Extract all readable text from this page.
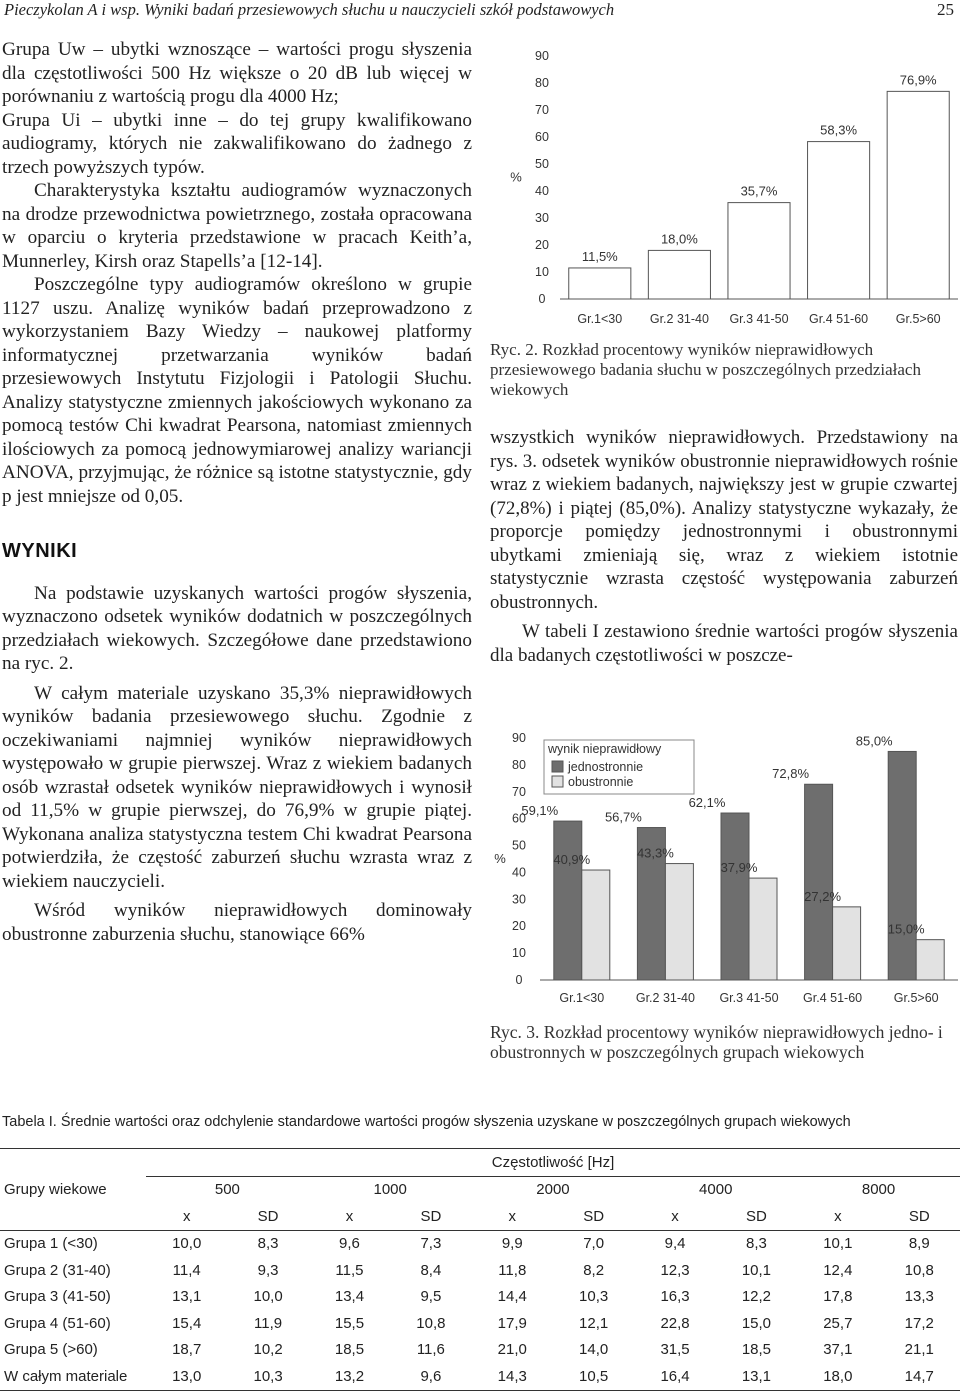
Pieczykolan A i wsp. Wyniki badań przesiewowych słuchu u nauczycieli szkół podstawowych	25

Grupa Uw – ubytki wznoszące – wartości progu słyszenia dla częstotliwości 500 Hz większe o 20 dB lub więcej w porównaniu z wartością progu dla 4000 Hz;

Grupa Ui – ubytki inne – do tej grupy kwalifikowano audiogramy, których nie zakwalifikowano do żadnego z trzech powyższych typów.

Charakterystyka kształtu audiogramów wyznaczonych na drodze przewodnictwa powietrznego, została opracowana w oparciu o kryteria przedstawione w pracach Keith’a, Munnerley, Kirsh oraz Stapells’a [12-14].

Poszczególne typy audiogramów określono w grupie 1127 uszu. Analizę wyników badań przeprowadzono z wykorzystaniem Bazy Wiedzy – naukowej platformy informatycznej przetwarzania wyników badań przesiewowych Instytutu Fizjologii i Patologii Słuchu. Analizy statystyczne zmiennych jakościowych wykonano za pomocą testów Chi kwadrat Pearsona, natomiast zmiennych ilościowych za pomocą jednowymiarowej analizy wariancji ANOVA, przyjmując, że różnice są istotne statystycznie, gdy p jest mniejsze od 0,05.

WYNIKI

Na podstawie uzyskanych wartości progów słyszenia, wyznaczono odsetek wyników dodatnich w poszczególnych przedziałach wiekowych. Szczegółowe dane przedstawiono na ryc. 2.

W całym materiale uzyskano 35,3% nieprawidłowych wyników badania przesiewowego słuchu. Zgodnie z oczekiwaniami najmniej wyników nieprawidłowych występowało w grupie pierwszej. Wraz z wiekiem badanych osób wzrastał odsetek wyników nieprawidłowych i wynosił od 11,5% w grupie pierwszej, do 76,9% w grupie piątej. Wykonana analiza statystyczna testem Chi kwadrat Pearsona potwierdziła, że częstość zaburzeń słuchu wzrasta wraz z wiekiem nauczycieli.

Wśród wyników nieprawidłowych dominowały obustronne zaburzenia słuchu, stanowiące 66%

0
10
20
30
40
50
60
70
80
90
%
11,5%
Gr.1<30
18,0%
Gr.2 31-40
35,7%
Gr.3 41-50
58,3%
Gr.4 51-60
76,9%
Gr.5>60
Ryc. 2. Rozkład procentowy wyników nieprawidłowych przesiewowego badania słuchu w poszczególnych przedziałach wiekowych

wszystkich wyników nieprawidłowych. Przedstawiony na rys. 3. odsetek wyników obustronnie nieprawidłowych rośnie wraz z wiekiem badanych, największy jest w grupie czwartej (72,8%) i piątej (85,0%). Analizy statystyczne wykazały, że proporcje pomiędzy jednostronnymi i obustronnymi ubytkami zmieniają się, wraz z wiekiem istotnie statystycznie wzrasta częstość występowania zaburzeń obustronnych.

W tabeli I zestawiono średnie wartości progów słyszenia dla badanych częstotliwości w poszcze-

0
10
20
30
40
50
60
70
80
90
%
59,1%
40,9%
Gr.1<30
56,7%
43,3%
Gr.2 31-40
62,1%
37,9%
Gr.3 41-50
72,8%
27,2%
Gr.4 51-60
85,0%
15,0%
Gr.5>60
wynik nieprawidłowy
jednostronnie
obustronnie
Ryc. 3. Rozkład procentowy wyników nieprawidłowych jedno- i obustronnych w poszczególnych grupach wiekowych
Tabela I. Średnie wartości oraz odchylenie standardowe wartości progów słyszenia uzyskane w poszczególnych grupach wiekowych
	Częstotliwość [Hz]									
Grupy wiekowe	500		1000		2000		4000		8000	
	x	SD	x	SD	x	SD	x	SD	x	SD
Grupa 1 (<30)	10,0	8,3	9,6	7,3	9,9	7,0	9,4	8,3	10,1	8,9
Grupa 2 (31-40)	11,4	9,3	11,5	8,4	11,8	8,2	12,3	10,1	12,4	10,8
Grupa 3 (41-50)	13,1	10,0	13,4	9,5	14,4	10,3	16,3	12,2	17,8	13,3
Grupa 4 (51-60)	15,4	11,9	15,5	10,8	17,9	12,1	22,8	15,0	25,7	17,2
Grupa 5 (>60)	18,7	10,2	18,5	11,6	21,0	14,0	31,5	18,5	37,1	21,1
W całym materiale	13,0	10,3	13,2	9,6	14,3	10,5	16,4	13,1	18,0	14,7
